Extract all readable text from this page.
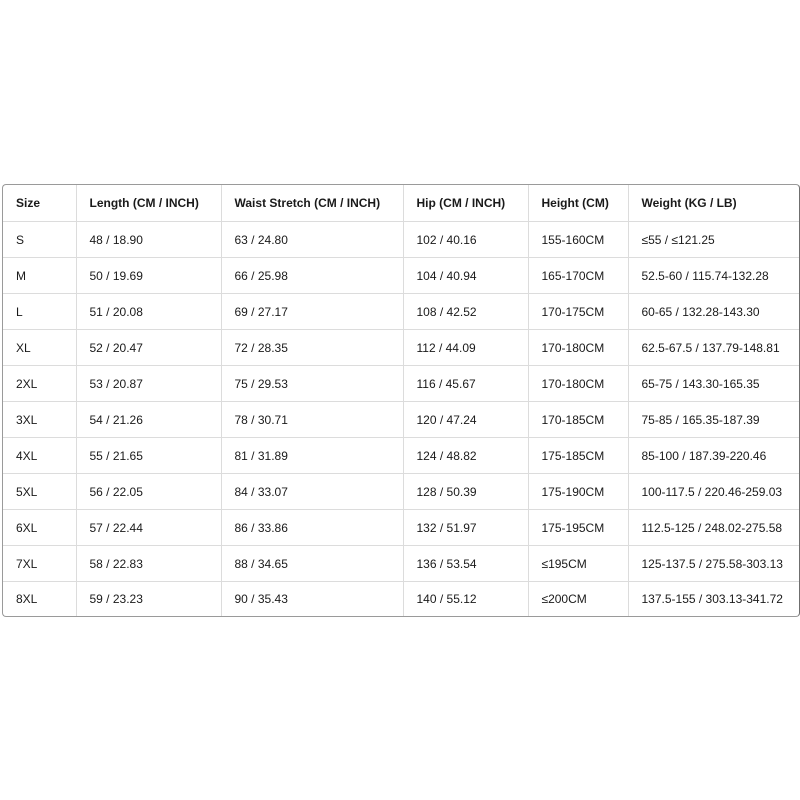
Size	Length (CM / INCH)	Waist Stretch (CM / INCH)	Hip (CM / INCH)	Height (CM)	Weight (KG / LB)
S	48 / 18.90	63 / 24.80	102 / 40.16	155-160CM	≤55 / ≤121.25
M	50 / 19.69	66 / 25.98	104 / 40.94	165-170CM	52.5-60 / 115.74-132.28
L	51 / 20.08	69 / 27.17	108 / 42.52	170-175CM	60-65 / 132.28-143.30
XL	52 / 20.47	72 / 28.35	112 / 44.09	170-180CM	62.5-67.5 / 137.79-148.81
2XL	53 / 20.87	75 / 29.53	116 / 45.67	170-180CM	65-75 / 143.30-165.35
3XL	54 / 21.26	78 / 30.71	120 / 47.24	170-185CM	75-85 / 165.35-187.39
4XL	55 / 21.65	81 / 31.89	124 / 48.82	175-185CM	85-100 / 187.39-220.46
5XL	56 / 22.05	84 / 33.07	128 / 50.39	175-190CM	100-117.5 / 220.46-259.03
6XL	57 / 22.44	86 / 33.86	132 / 51.97	175-195CM	112.5-125 / 248.02-275.58
7XL	58 / 22.83	88 / 34.65	136 / 53.54	≤195CM	125-137.5 / 275.58-303.13
8XL	59 / 23.23	90 / 35.43	140 / 55.12	≤200CM	137.5-155 / 303.13-341.72
